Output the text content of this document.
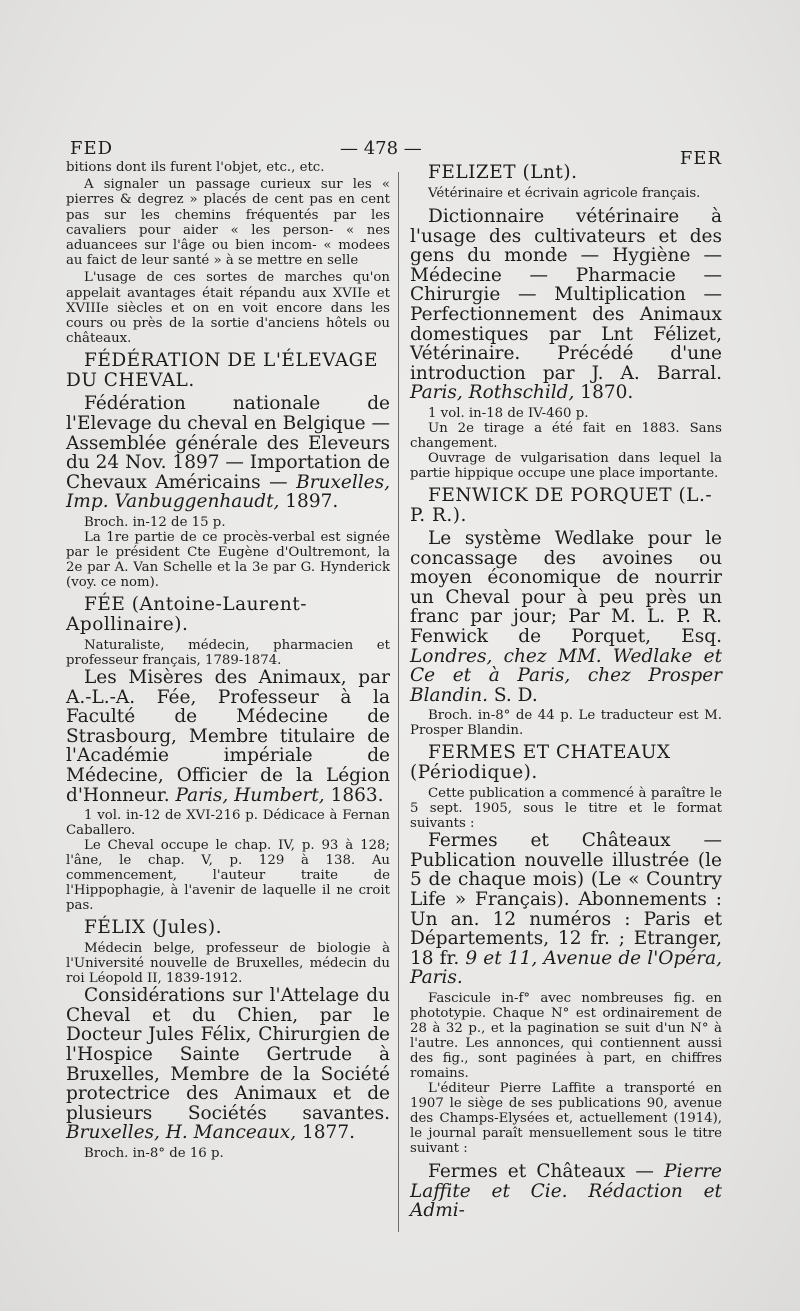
FED	— 478 —	FER

bitions dont ils furent l'objet, etc., etc.

A signaler un passage curieux sur les « pierres & degrez » placés de cent pas en cent pas sur les chemins fréquentés par les cavaliers pour aider « les person- « nes aduancees sur l'âge ou bien incom- « modees au faict de leur santé » à se mettre en selle

L'usage de ces sortes de marches qu'on appelait avantages était répandu aux XVIIe et XVIIIe siècles et on en voit encore dans les cours ou près de la sortie d'anciens hôtels ou châteaux.

FÉDÉRATION DE L'ÉLEVAGE DU CHEVAL.

Fédération nationale de l'Elevage du cheval en Belgique — Assemblée générale des Eleveurs du 24 Nov. 1897 — Importation de Chevaux Américains — Bruxelles, Imp. Vanbuggenhaudt, 1897.

Broch. in-12 de 15 p.

La 1re partie de ce procès-verbal est signée par le président Cte Eugène d'Oultremont, la 2e par A. Van Schelle et la 3e par G. Hynderick (voy. ce nom).

FÉE (Antoine-Laurent-Apollinaire).

Naturaliste, médecin, pharmacien et professeur français, 1789-1874.

Les Misères des Animaux, par A.-L.-A. Fée, Professeur à la Faculté de Médecine de Strasbourg, Membre titulaire de l'Académie impériale de Médecine, Officier de la Légion d'Honneur. Paris, Humbert, 1863.

1 vol. in-12 de XVI-216 p. Dédicace à Fernan Caballero.

Le Cheval occupe le chap. IV, p. 93 à 128; l'âne, le chap. V, p. 129 à 138. Au commencement, l'auteur traite de l'Hippophagie, à l'avenir de laquelle il ne croit pas.

FÉLIX (Jules).

Médecin belge, professeur de biologie à l'Université nouvelle de Bruxelles, médecin du roi Léopold II, 1839-1912.

Considérations sur l'Attelage du Cheval et du Chien, par le Docteur Jules Félix, Chirurgien de l'Hospice Sainte Gertrude à Bruxelles, Membre de la Société protectrice des Animaux et de plusieurs Sociétés savantes. Bruxelles, H. Manceaux, 1877.

Broch. in-8° de 16 p.

FELIZET (Lnt).

Vétérinaire et écrivain agricole français.

Dictionnaire vétérinaire à l'usage des cultivateurs et des gens du monde — Hygiène — Médecine — Pharmacie — Chirurgie — Multiplication — Perfectionnement des Animaux domestiques par Lnt Félizet, Vétérinaire. Précédé d'une introduction par J. A. Barral. Paris, Rothschild, 1870.

1 vol. in-18 de IV-460 p.

Un 2e tirage a été fait en 1883. Sans changement.

Ouvrage de vulgarisation dans lequel la partie hippique occupe une place importante.

FENWICK DE PORQUET (L.-P. R.).

Le système Wedlake pour le concassage des avoines ou moyen économique de nourrir un Cheval pour à peu près un franc par jour; Par M. L. P. R. Fenwick de Porquet, Esq. Londres, chez MM. Wedlake et Ce et à Paris, chez Prosper Blandin. S. D.

Broch. in-8° de 44 p. Le traducteur est M. Prosper Blandin.

FERMES ET CHATEAUX (Périodique).

Cette publication a commencé à paraître le 5 sept. 1905, sous le titre et le format suivants :

Fermes et Châteaux — Publication nouvelle illustrée (le 5 de chaque mois) (Le « Country Life » Français). Abonnements : Un an. 12 numéros : Paris et Départements, 12 fr. ; Etranger, 18 fr. 9 et 11, Avenue de l'Opéra, Paris.

Fascicule in-f° avec nombreuses fig. en phototypie. Chaque N° est ordinairement de 28 à 32 p., et la pagination se suit d'un N° à l'autre. Les annonces, qui contiennent aussi des fig., sont paginées à part, en chiffres romains.

L'éditeur Pierre Laffite a transporté en 1907 le siège de ses publications 90, avenue des Champs-Elysées et, actuellement (1914), le journal paraît mensuellement sous le titre suivant :

Fermes et Châteaux — Pierre Laffite et Cie. Rédaction et Admi-
